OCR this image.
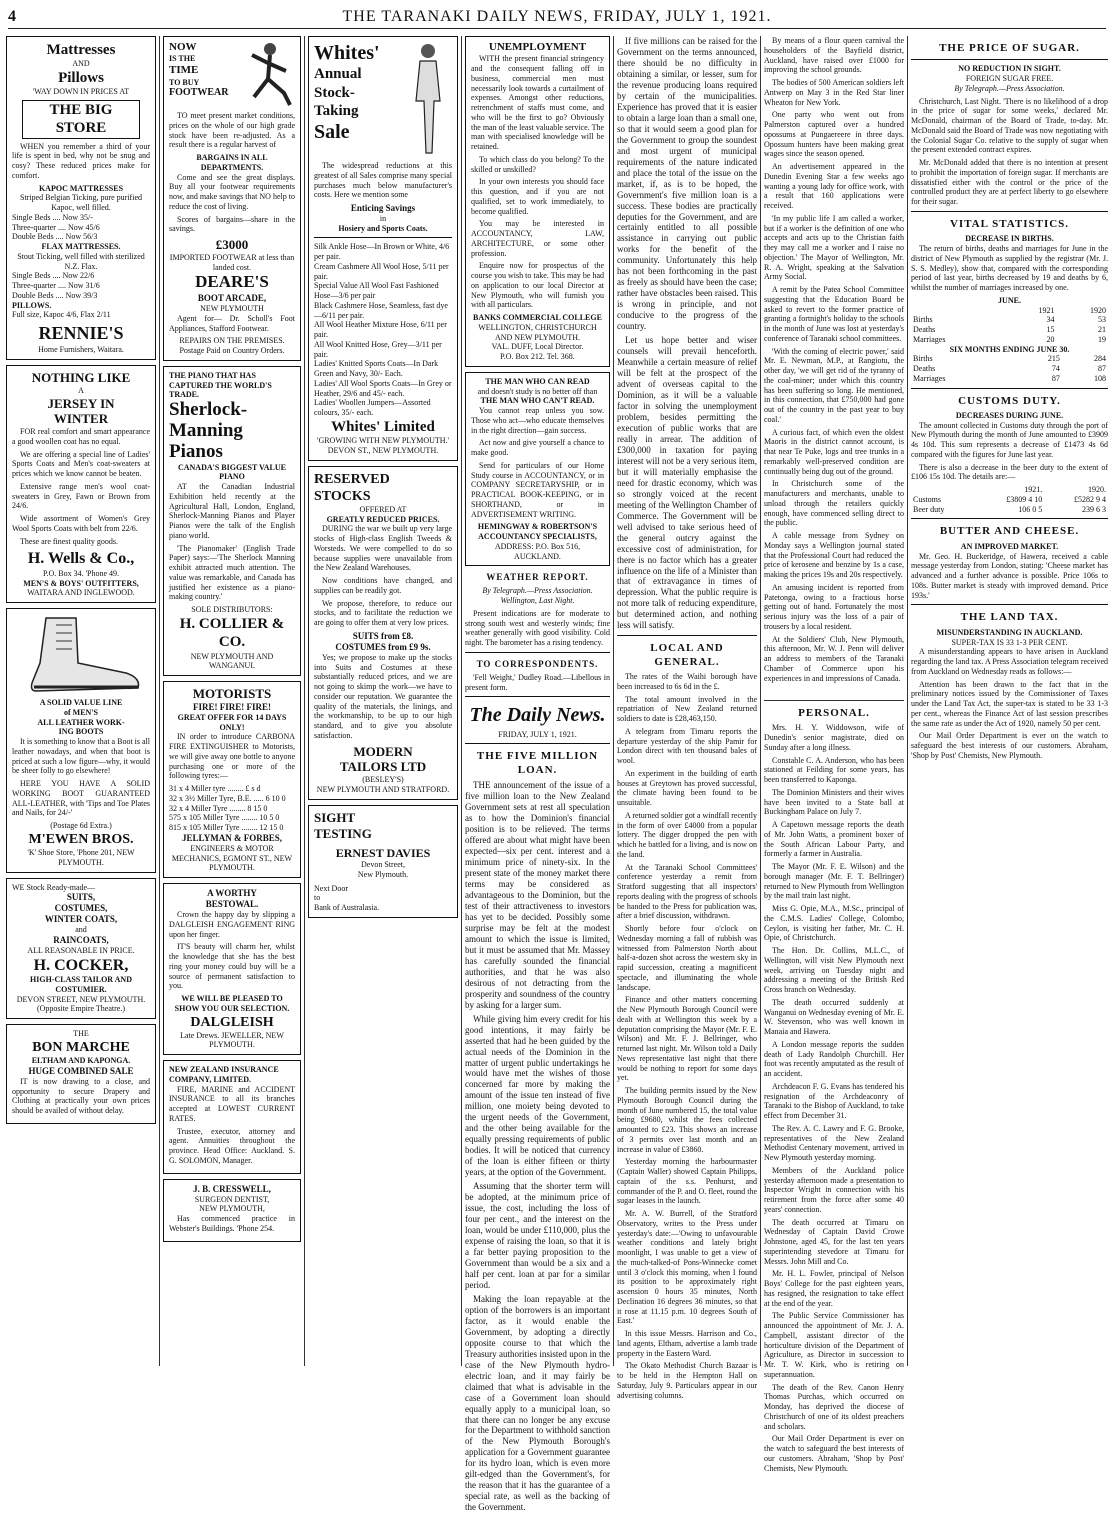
4	THE TARANAKI DAILY NEWS, FRIDAY, JULY 1, 1921.
Mattresses
AND
Pillows
'WAY DOWN IN PRICES AT
THE BIG STORE

WHEN you remember a third of your life is spent in bed, why not be snug and cosy? These reduced prices make for comfort.

KAPOC MATTRESSES
Striped Belgian Ticking, pure purified Kapoc, well filled.
Single Beds .... Now 35/-
Three-quarter .... Now 45/6
Double Beds .... Now 56/3
FLAX MATTRESSES.
Stout Ticking, well filled with sterilized N.Z. Flax.
Single Beds .... Now 22/6
Three-quarter .... Now 31/6
Double Beds .... Now 39/3
PILLOWS.
Full size, Kapoc 4/6, Flax 2/11
RENNIE'S
Home Furnishers, Waitara.
NOTHING LIKE
A
JERSEY IN
WINTER

FOR real comfort and smart appearance a good woollen coat has no equal.

We are offering a special line of Ladies' Sports Coats and Men's coat-sweaters at prices which we know cannot be beaten.

Extensive range men's wool coat-sweaters in Grey, Fawn or Brown from 24/6.

Wide assortment of Women's Grey Wool Sports Coats with belt from 22/6.

These are finest quality goods.

H. Wells & Co.,
P.O. Box 34. 'Phone 49.
MEN'S & BOYS' OUTFITTERS,
WAITARA AND INGLEWOOD.
A SOLID VALUE LINE
of MEN'S
ALL LEATHER WORK-
ING BOOTS

It is something to know that a Boot is all leather nowadays, and when that boot is priced at such a low figure—why, it would be sheer folly to go elsewhere!

HERE YOU HAVE A SOLID WORKING BOOT GUARANTEED ALL-LEATHER, with 'Tips and Toe Plates and Nails, for 24/-'

(Postage 6d Extra.)
M'EWEN BROS.
'K' Shoe Store, 'Phone 201, NEW PLYMOUTH.
WE Stock Ready-made—
SUITS,
COSTUMES,
WINTER COATS,
and
RAINCOATS,
ALL REASONABLE IN PRICE.
H. COCKER,
HIGH-CLASS TAILOR AND COSTUMIER.
DEVON STREET, NEW PLYMOUTH.
(Opposite Empire Theatre.)
THE
BON MARCHE
ELTHAM AND KAPONGA.
HUGE COMBINED SALE

IT is now drawing to a close, and opportunity to secure Drapery and Clothing at practically your own prices should be availed of without delay.

NOW
IS THE
TIME
TO BUY
FOOTWEAR

TO meet present market conditions, prices on the whole of our high grade stock have been re-adjusted. As a result there is a regular harvest of

BARGAINS IN ALL DEPARTMENTS.

Come and see the great displays. Buy all your footwear requirements now, and make savings that NO help to reduce the cost of living.

Scores of bargains—share in the savings.

£3000
IMPORTED FOOTWEAR at less than landed cost.
DEARE'S
BOOT ARCADE,
NEW PLYMOUTH

Agent for— Dr. Scholl's Foot Appliances, Stafford Footwear.

REPAIRS ON THE PREMISES. Postage Paid on Country Orders.
THE PIANO THAT HAS CAPTURED THE WORLD'S TRADE.
Sherlock-Manning Pianos
CANADA'S BIGGEST VALUE PIANO

AT the Canadian Industrial Exhibition held recently at the Agricultural Hall, London, England, Sherlock-Manning Pianos and Player Pianos were the talk of the English piano world.

'The Pianomaker' (English Trade Paper) says:—'The Sherlock Manning exhibit attracted much attention. The value was remarkable, and Canada has justified her existence as a piano-making country.'

SOLE DISTRIBUTORS:
H. COLLIER & CO.
NEW PLYMOUTH AND WANGANUI.
MOTORISTS
FIRE! FIRE! FIRE!
GREAT OFFER FOR 14 DAYS ONLY!

IN order to introduce CARBONA FIRE EXTINGUISHER to Motorists, we will give away one bottle to anyone purchasing one or more of the following tyres:—

31 x 4 Miller tyre ........ £ s d
32 x 3½ Miller Tyre, B.E. ..... 6 10 0
32 x 4 Miller Tyre ........ 8 15 0
575 x 105 Miller Tyre ........ 10 5 0
815 x 105 Miller Tyre ........ 12 15 0
JELLYMAN & FORBES,
ENGINEERS & MOTOR MECHANICS, EGMONT ST., NEW PLYMOUTH.
A WORTHY
BESTOWAL.

Crown the happy day by slipping a DALGLEISH ENGAGEMENT RING upon her finger.

IT'S beauty will charm her, whilst the knowledge that she has the best ring your money could buy will be a source of permanent satisfaction to you.

WE WILL BE PLEASED TO SHOW YOU OUR SELECTION.
DALGLEISH
Late Drews. JEWELLER, NEW PLYMOUTH.
NEW ZEALAND INSURANCE COMPANY, LIMITED.

FIRE, MARINE and ACCIDENT INSURANCE to all its branches accepted at LOWEST CURRENT RATES.

Trustee, executor, attorney and agent. Annuities throughout the province. Head Office: Auckland. S. G. SOLOMON, Manager.

J. B. CRESSWELL,
SURGEON DENTIST,
NEW PLYMOUTH,

Has commenced practice in Webster's Buildings. 'Phone 254.

Whites'
Annual
Stock-
Taking
Sale

The widespread reductions at this greatest of all Sales comprise many special purchases much below manufacturer's costs. Here we mention some

Enticing Savings
in
Hosiery and Sports Coats.
Silk Ankle Hose—In Brown or White, 4/6 per pair.
Cream Cashmere All Wool Hose, 5/11 per pair.
Special Value All Wool Fast Fashioned Hose—3/6 per pair
Black Cashmere Hose, Seamless, fast dye—6/11 per pair.
All Wool Heather Mixture Hose, 6/11 per pair.
All Wool Knitted Hose, Grey—3/11 per pair.
Ladies' Knitted Sports Coats—In Dark Green and Navy, 30/- Each.
Ladies' All Wool Sports Coats—In Grey or Heather, 29/6 and 45/- each.
Ladies' Woollen Jumpers—Assorted colours, 35/- each.
Whites' Limited
'GROWING WITH NEW PLYMOUTH.'
DEVON ST., NEW PLYMOUTH.
RESERVED
STOCKS
OFFERED AT
GREATLY REDUCED PRICES.

DURING the war we built up very large stocks of High-class English Tweeds & Worsteds. We were compelled to do so because supplies were unavailable from the New Zealand Warehouses.

Now conditions have changed, and supplies can be readily got.

We propose, therefore, to reduce our stocks, and to facilitate the reduction we are going to offer them at very low prices.

SUITS from £8.
COSTUMES from £9 9s.

Yes; we propose to make up the stocks into Suits and Costumes at these substantially reduced prices, and we are not going to skimp the work—we have to consider our reputation. We guarantee the quality of the materials, the linings, and the workmanship, to be up to our high standard, and to give you absolute satisfaction.

MODERN
TAILORS LTD
(BESLEY'S)
NEW PLYMOUTH AND STRATFORD.
SIGHT
TESTING
ERNEST DAVIES
Devon Street,
New Plymouth.
Next Door
to
Bank of Australasia.
UNEMPLOYMENT

WITH the present financial stringency and the consequent falling off in business, commercial men must necessarily look towards a curtailment of expenses. Amongst other reductions, retrenchment of staffs must come, and who will be the first to go? Obviously the man of the least valuable service. The man with specialised knowledge will be retained.

To which class do you belong? To the skilled or unskilled?

In your own interests you should face this question, and if you are not qualified, set to work immediately, to become qualified.

You may be interested in ACCOUNTANCY, LAW, ARCHITECTURE, or some other profession.

Enquire now for prospectus of the course you wish to take. This may be had on application to our local Director at New Plymouth, who will furnish you with all particulars.

BANKS COMMERCIAL COLLEGE
WELLINGTON, CHRISTCHURCH AND NEW PLYMOUTH.
VAL. DUFF, Local Director.
P.O. Box 212. Tel. 368.
THE MAN WHO CAN READ
and doesn't study is no better off than
THE MAN WHO CAN'T READ.

You cannot reap unless you sow. Those who act—who educate themselves in the right direction—gain success.

Act now and give yourself a chance to make good.

Send for particulars of our Home Study course in ACCOUNTANCY, or in COMPANY SECRETARYSHIP, or in PRACTICAL BOOK-KEEPING, or in SHORTHAND, or in ADVERTISEMENT WRITING.

HEMINGWAY & ROBERTSON'S ACCOUNTANCY SPECIALISTS,
ADDRESS: P.O. Box 516, AUCKLAND.
WEATHER REPORT.
By Telegraph.—Press Association. Wellington, Last Night.

Present indications are for moderate to strong south west and westerly winds; fine weather generally with good visibility. Cold night. The barometer has a rising tendency.

TO CORRESPONDENTS.

'Fell Weight,' Dudley Road.—Libellous in present form.

The Daily News.
FRIDAY, JULY 1, 1921.
THE FIVE MILLION LOAN.

THE announcement of the issue of a five million loan to the New Zealand Government sets at rest all speculation as to how the Dominion's financial position is to be relieved. The terms offered are about what might have been expected—six per cent. interest and a minimum price of ninety-six. In the present state of the money market there terms may be considered as advantageous to the Dominion, but the test of their attractiveness to investors has yet to be decided. Possibly some surprise may be felt at the modest amount to which the issue is limited, but it must be assumed that Mr. Massey has carefully sounded the financial authorities, and that he was also desirous of not detracting from the prosperity and soundness of the country by asking for a larger sum.

While giving him every credit for his good intentions, it may fairly be asserted that had he been guided by the actual needs of the Dominion in the matter of urgent public undertakings he would have met the wishes of those concerned far more by making the amount of the issue ten instead of five million, one moiety being devoted to the urgent needs of the Government, and the other being available for the equally pressing requirements of public bodies. It will be noticed that currency of the loan is either fifteen or thirty years, at the option of the Government.

Assuming that the shorter term will be adopted, at the minimum price of issue, the cost, including the loss of four per cent., and the interest on the loan, would be under £110,000, plus the expense of raising the loan, so that it is a far better paying proposition to the Government than would be a six and a half per cent. loan at par for a similar period.

Making the loan repayable at the option of the borrowers is an important factor, as it would enable the Government, by adopting a directly opposite course to that which the Treasury authorities insisted upon in the case of the New Plymouth hydro-electric loan, and it may fairly be claimed that what is advisable in the case of a Government loan should equally apply to a municipal loan, so that there can no longer be any excuse for the Department to withhold sanction of the New Plymouth Borough's application for a Government guarantee for its hydro loan, which is even more gilt-edged than the Government's, for the reason that it has the guarantee of a special rate, as well as the backing of the Government.

If five millions can be raised for the Government on the terms announced, there should be no difficulty in obtaining a similar, or lesser, sum for the revenue producing loans required by certain of the municipalities. Experience has proved that it is easier to obtain a large loan than a small one, so that it would seem a good plan for the Government to group the soundest and most urgent of municipal requirements of the nature indicated and place the total of the issue on the market, if, as is to be hoped, the Government's five million loan is a success. These bodies are practically deputies for the Government, and are certainly entitled to all possible assistance in carrying out public works for the benefit of the community. Unfortunately this help has not been forthcoming in the past as freely as should have been the case; rather have obstacles been raised. This is wrong in principle, and not conducive to the progress of the country.

Let us hope better and wiser counsels will prevail henceforth. Meanwhile a certain measure of relief will be felt at the prospect of the advent of overseas capital to the Dominion, as it will be a valuable factor in solving the unemployment problem, besides permitting the execution of public works that are really in arrear. The addition of £300,000 in taxation for paying interest will not be a very serious item, but it will materially emphasise the need for drastic economy, which was so strongly voiced at the recent meeting of the Wellington Chamber of Commerce. The Government will be well advised to take serious heed of the general outcry against the excessive cost of administration, for there is no factor which has a greater influence on the life of a Minister than that of extravagance in times of depression. What the public require is not more talk of reducing expenditure, but determined action, and nothing less will satisfy.

LOCAL AND GENERAL.

The rates of the Waihi borough have been increased to 6s 6d in the £.

The total amount involved in the repatriation of New Zealand returned soldiers to date is £28,463,150.

A telegram from Timaru reports the departure yesterday of the ship Pamir for London direct with ten thousand bales of wool.

An experiment in the building of earth houses at Greytown has proved successful, the climate having been found to be unsuitable.

A returned soldier got a windfall recently in the form of over £4000 from a popular lottery. The digger dropped the pen with which he battled for a living, and is now on the land.

At the Taranaki School Committees' conference yesterday a remit from Stratford suggesting that all inspectors' reports dealing with the progress of schools be handed to the Press for publication was, after a brief discussion, withdrawn.

Shortly before four o'clock on Wednesday morning a fall of rubbish was witnessed from Palmerston North about half-a-dozen shot across the western sky in rapid succession, creating a magnificent spectacle, and illuminating the whole landscape.

Finance and other matters concerning the New Plymouth Borough Council were dealt with at Wellington this week by a deputation comprising the Mayor (Mr. F. E. Wilson) and Mr. F. J. Bellringer, who returned last night. Mr. Wilson told a Daily News representative last night that there would be nothing to report for some days yet.

The building permits issued by the New Plymouth Borough Council during the month of June numbered 15, the total value being £9680, whilst the fees collected amounted to £23. This shows an increase of 3 permits over last month and an increase in value of £3860.

Yesterday morning the harbourmaster (Captain Waller) showed Captain Philipps, captain of the s.s. Penhurst, and commander of the P. and O. fleet, round the sugar leases in the launch.

Mr. A. W. Burrell, of the Stratford Observatory, writes to the Press under yesterday's date:—'Owing to unfavourable weather conditions and lately bright moonlight, I was unable to get a view of the much-talked-of Pons-Winnecke comet until 3 o'clock this morning, when I found its position to be approximately right ascension 0 hours 35 minutes, North Declination 16 degrees 36 minutes, so that it rose at 11.15 p.m. 10 degrees South of East.'

In this issue Messrs. Harrison and Co., land agents, Eltham, advertise a lamb trade property in the Eastern Ward.

The Okato Methodist Church Bazaar is to be held in the Hempton Hall on Saturday, July 9. Particulars appear in our advertising columns.

By means of a flour queen carnival the householders of the Bayfield district, Auckland, have raised over £1000 for improving the school grounds.

The bodies of 500 American soldiers left Antwerp on May 3 in the Red Star liner Wheaton for New York.

One party who went out from Palmerston captured over a hundred opossums at Pungaereere in three days. Opossum hunters have been making great wages since the season opened.

An advertisement appeared in the Dunedin Evening Star a few weeks ago wanting a young lady for office work, with a result that 160 applications were received.

'In my public life I am called a worker, but if a worker is the definition of one who accepts and acts up to the Christian faith they may call me a worker and I raise no objection.' The Mayor of Wellington, Mr. R. A. Wright, speaking at the Salvation Army Social.

A remit by the Patea School Committee suggesting that the Education Board be asked to revert to the former practice of granting a fortnight's holiday to the schools in the month of June was lost at yesterday's conference of Taranaki school committees.

'With the coming of electric power,' said Mr. E. Newman, M.P., at Rangiotu, the other day, 'we will get rid of the tyranny of the coal-miner; under which this country has been suffering so long. He mentioned, in this connection, that £750,000 had gone out of the country in the past year to buy coal.'

A curious fact, of which even the oldest Maoris in the district cannot account, is that near Te Puke, logs and tree trunks in a remarkably well-preserved condition are continually being dug out of the ground.

In Christchurch some of the manufacturers and merchants, unable to unload through the retailers quickly enough, have commenced selling direct to the public.

A cable message from Sydney on Monday says a Wellington journal stated that the Professional Court had reduced the price of kerosene and benzine by 1s a case, making the prices 19s and 20s respectively.

An amusing incident is reported from Patetonga, owing to a fractious horse getting out of hand. Fortunately the most serious injury was the loss of a pair of trousers by a local resident.

At the Soldiers' Club, New Plymouth, this afternoon, Mr. W. J. Penn will deliver an address to members of the Taranaki Chamber of Commerce upon his experiences in and impressions of Canada.

THE PRICE OF SUGAR.
NO REDUCTION IN SIGHT.
FOREIGN SUGAR FREE.
By Telegraph.—Press Association.

Christchurch, Last Night. 'There is no likelihood of a drop in the price of sugar for some weeks,' declared Mr. McDonald, chairman of the Board of Trade, to-day. Mr. McDonald said the Board of Trade was now negotiating with the Colonial Sugar Co. relative to the supply of sugar when the present extended contract expires.

Mr. McDonald added that there is no intention at present to prohibit the importation of foreign sugar. If merchants are dissatisfied either with the control or the price of the controlled product they are at perfect liberty to go elsewhere for their sugar.

VITAL STATISTICS.
DECREASE IN BIRTHS.

The return of births, deaths and marriages for June in the district of New Plymouth as supplied by the registrar (Mr. J. S. S. Medley), show that, compared with the corresponding period of last year, births decreased by 19 and deaths by 6, whilst the number of marriages increased by one.

JUNE.
	1921	1920
Births	34	53
Deaths	15	21
Marriages	20	19
SIX MONTHS ENDING JUNE 30.
Births	215	284
Deaths	74	87
Marriages	87	108
CUSTOMS DUTY.
DECREASES DURING JUNE.

The amount collected in Customs duty through the port of New Plymouth during the month of June amounted to £3909 4s 10d. This sum represents a decrease of £1473 4s 6d compared with the figures for June last year.

There is also a decrease in the beer duty to the extent of £106 15s 10d. The details are:—

	1921.	1920.
Customs	£3809 4 10	£5282 9 4
Beer duty	106 0 5	239 6 3
BUTTER AND CHEESE.
AN IMPROVED MARKET.

Mr. Geo. H. Buckeridge, of Hawera, received a cable message yesterday from London, stating: 'Cheese market has advanced and a further advance is possible. Price 106s to 108s. Butter market is steady with improved demand. Price 193s.'

THE LAND TAX.
MISUNDERSTANDING IN AUCKLAND.
SUPER-TAX IS 33 1-3 PER CENT.

A misunderstanding appears to have arisen in Auckland regarding the land tax. A Press Association telegram received from Auckland on Wednesday reads as follows:—

Attention has been drawn to the fact that in the preliminary notices issued by the Commissioner of Taxes under the Land Tax Act, the super-tax is stated to be 33 1-3 per cent., whereas the Finance Act of last session prescribes the same rate as under the Act of 1920, namely 50 per cent.

Our Mail Order Department is ever on the watch to safeguard the best interests of our customers. Abraham, 'Shop by Post' Chemists, New Plymouth.

PERSONAL.

Mrs. H. Y. Widdowson, wife of Dunedin's senior magistrate, died on Sunday after a long illness.

Constable C. A. Anderson, who has been stationed at Feilding for some years, has been transferred to Kaponga.

The Dominion Ministers and their wives have been invited to a State ball at Buckingham Palace on July 7.

A Capetown message reports the death of Mr. John Watts, a prominent boxer of the South African Labour Party, and formerly a farmer in Australia.

The Mayor (Mr. F. E. Wilson) and the borough manager (Mr. F. T. Bellringer) returned to New Plymouth from Wellington by the mail train last night.

Miss G. Opie, M.A., M.Sc., principal of the C.M.S. Ladies' College, Colombo, Ceylon, is visiting her father, Mr. C. H. Opie, of Christchurch.

The Hon. Dr. Collins, M.L.C., of Wellington, will visit New Plymouth next week, arriving on Tuesday night and addressing a meeting of the British Red Cross branch on Wednesday.

The death occurred suddenly at Wanganui on Wednesday evening of Mr. E. W. Stevenson, who was well known in Manaia and Hawera.

A London message reports the sudden death of Lady Randolph Churchill. Her foot was recently amputated as the result of an accident.

Archdeacon F. G. Evans has tendered his resignation of the Archdeaconry of Taranaki to the Bishop of Auckland, to take effect from December 31.

The Rev. A. C. Lawry and F. G. Brooke, representatives of the New Zealand Methodist Centenary movement, arrived in New Plymouth yesterday morning.

Members of the Auckland police yesterday afternoon made a presentation to Inspector Wright in connection with his retirement from the force after some 40 years' connection.

The death occurred at Timaru on Wednesday of Captain David Crowe Johnstone, aged 45, for the last ten years superintending stevedore at Timaru for Messrs. John Mill and Co.

Mr. H. L. Fowler, principal of Nelson Boys' College for the past eighteen years, has resigned, the resignation to take effect at the end of the year.

The Public Service Commissioner has announced the appointment of Mr. J. A. Campbell, assistant director of the horticulture division of the Department of Agriculture, as Director in succession to Mr. T. W. Kirk, who is retiring on superannuation.

The death of the Rev. Canon Henry Thomas Purchas, which occurred on Monday, has deprived the diocese of Christchurch of one of its oldest preachers and scholars.

Our Mail Order Department is ever on the watch to safeguard the best interests of our customers. Abraham, 'Shop by Post' Chemists, New Plymouth.
